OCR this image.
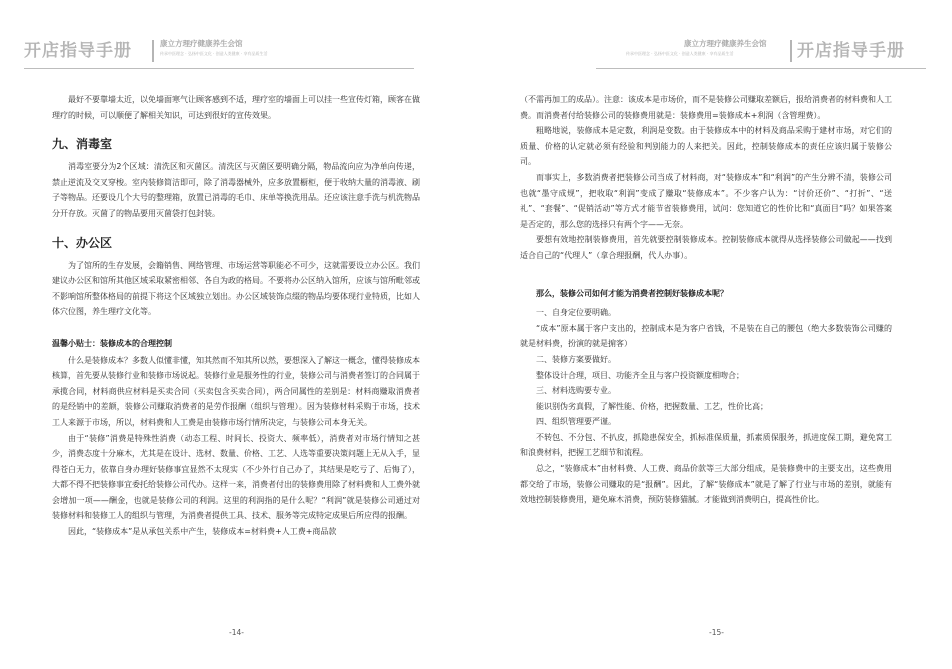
开店指导手册	康立方理疗健康养生会馆
传承中医理念 · 弘扬中医文化 · 创造人类健康 · 享有品质生活

最好不要靠墙太近，以免墙面寒气让顾客感到不适，理疗室的墙面上可以挂一些宣传灯箱，顾客在做理疗的时候，可以顺便了解相关知识，可达到很好的宣传效果。

九、消毒室

消毒室要分为2个区域：清洗区和灭菌区。清洗区与灭菌区要明确分隔，物品流向应为净单向传递，禁止逆流及交叉穿梭。室内装修简洁即可，除了消毒器械外，应多放置橱柜，便于收纳大量的消毒液、刷子等物品。还要设几个大号的整理箱，放置已消毒的毛巾、床单等换洗用品。还应该注意手洗与机洗物品分开存放。灭菌了的物品要用灭菌袋打包封装。

十、办公区

为了馆所的生存发展，会籍销售、网络管理、市场运营等职能必不可少，这就需要设立办公区。我们建议办公区和馆所其他区域采取紧密相邻、各自为政的格局。不要将办公区纳入馆所，应该与馆所毗邻或不影响馆所整体格局的前提下将这个区域独立划出。办公区域装饰点缀的物品均要体现行业特质，比如人体穴位图，养生理疗文化等。

温馨小贴士：装修成本的合理控制

什么是装修成本？多数人似懂非懂，知其然而不知其所以然，要想深入了解这一概念，懂得装修成本核算，首先要从装修行业和装修市场说起。装修行业是服务性的行业，装修公司与消费者签订的合同属于承揽合同，材料商供应材料是买卖合同（买卖包含买卖合同），两合同属性的差别是：材料商赚取消费者的是经销中的差额，装修公司赚取消费者的是劳作报酬（组织与管理）。因为装修材料采购于市场，技术工人来源于市场，所以，材料费和人工费是由装修市场行情所决定，与装修公司本身无关。

由于“装修”消费是特殊性消费（动态工程、时间长、投资大、频率低），消费者对市场行情知之甚少，消费态度十分麻木，尤其是在设计、选材、数量、价格、工艺、人选等重要决策问题上无从入手，显得苍白无力，依靠自身办理好装修事宜显然不太现实（不少外行自己办了，其结果是吃亏了、后悔了），大都不得不把装修事宜委托给装修公司代办。这样一来，消费者付出的装修费用除了材料费和人工费外就会增加一项——酬金，也就是装修公司的利润。这里的利润指的是什么呢？“利润”就是装修公司通过对装修材料和装修工人的组织与管理，为消费者提供工具、技术、服务等完成特定成果后所应得的报酬。

因此，“装修成本”是从承包关系中产生，装修成本=材料费+人工费+商品款

-14-
康立方理疗健康养生会馆
传承中医理念 · 弘扬中医文化 · 创造人类健康 · 享有品质生活	开店指导手册

（不需再加工的成品）。注意：该成本是市场价，而不是装修公司赚取差额后，报给消费者的材料费和人工费。而消费者付给装修公司的装修费用就是：装修费用=装修成本+利润（含管理费）。

粗略地说，装修成本是定数，利润是变数。由于装修成本中的材料及商品采购于建材市场，对它们的质量、价格的认定就必须有经验和判别能力的人来把关。因此，控制装修成本的责任应该归属于装修公司。

而事实上，多数消费者把装修公司当成了材料商，对“装修成本”和“利润”的产生分辨不清，装修公司也就“墨守成规”，把收取“利润”变成了赚取“装修成本”。不少客户认为：“讨价还价”、“打折”、“送礼”、“套餐”、“促销活动”等方式才能节省装修费用，试问：您知道它的性价比和“真面目”吗？如果答案是否定的，那么您的选择只有两个字——无奈。

要想有效地控制装修费用，首先就要控制装修成本。控制装修成本就得从选择装修公司做起——找到适合自己的“代理人”（拿合理报酬，代人办事）。

那么，装修公司如何才能为消费者控制好装修成本呢？

一、自身定位要明确。

“成本”原本属于客户支出的，控制成本是为客户省钱，不是装在自己的腰包（绝大多数装饰公司赚的就是材料费，扮演的就是掮客）

二、装修方案要做好。

整体设计合理，项目、功能齐全且与客户投资额度相吻合；

三、材料选购要专业。

能识别伪劣真假，了解性能、价格，把握数量、工艺，性价比高；

四、组织管理要严谨。

不转包、不分包、不扒皮，抓隐患保安全，抓标准保质量，抓素质保服务，抓进度保工期，避免窝工和浪费材料，把握工艺细节和流程。

总之，“装修成本”由材料费、人工费、商品价款等三大部分组成，是装修费中的主要支出，这些费用都交给了市场，装修公司赚取的是“报酬”。因此，了解“装修成本”就是了解了行业与市场的差别，就能有效地控制装修费用，避免麻木消费，预防装修猫腻。才能做到消费明白，提高性价比。

-15-
